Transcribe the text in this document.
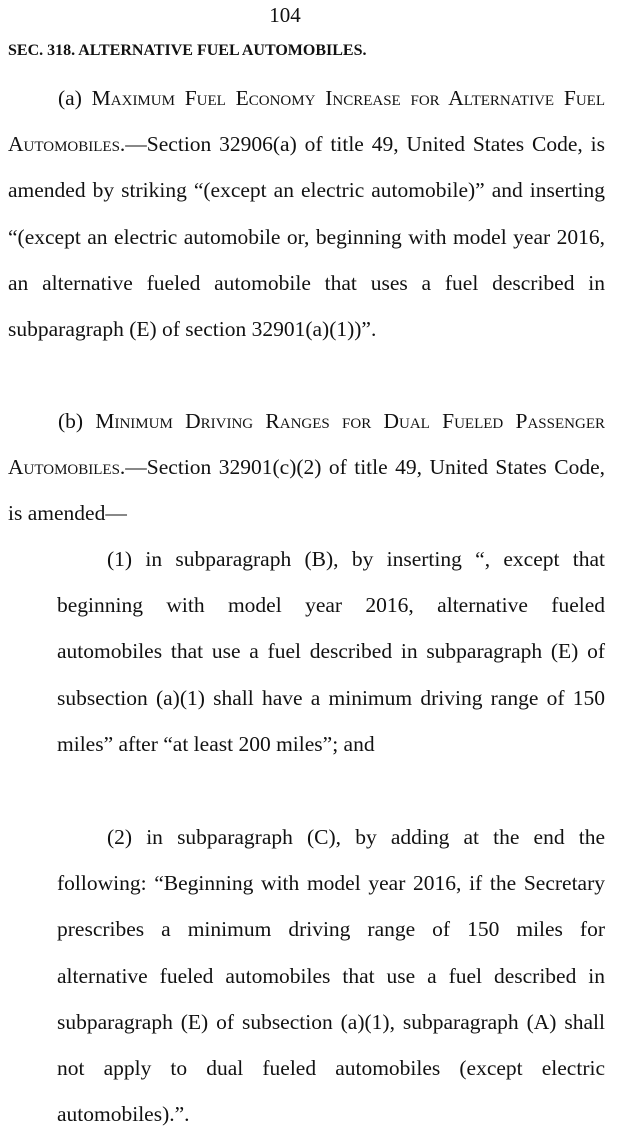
104
SEC. 318. ALTERNATIVE FUEL AUTOMOBILES.
(a) Maximum Fuel Economy Increase for Alternative Fuel Automobiles.—Section 32906(a) of title 49, United States Code, is amended by striking “(except an electric automobile)” and inserting “(except an electric automobile or, beginning with model year 2016, an alternative fueled automobile that uses a fuel described in subparagraph (E) of section 32901(a)(1))”.
(b) Minimum Driving Ranges for Dual Fueled Passenger Automobiles.—Section 32901(c)(2) of title 49, United States Code, is amended—
(1) in subparagraph (B), by inserting “, except that beginning with model year 2016, alternative fueled automobiles that use a fuel described in subparagraph (E) of subsection (a)(1) shall have a minimum driving range of 150 miles” after “at least 200 miles”; and
(2) in subparagraph (C), by adding at the end the following: “Beginning with model year 2016, if the Secretary prescribes a minimum driving range of 150 miles for alternative fueled automobiles that use a fuel described in subparagraph (E) of subsection (a)(1), subparagraph (A) shall not apply to dual fueled automobiles (except electric automobiles).”.
